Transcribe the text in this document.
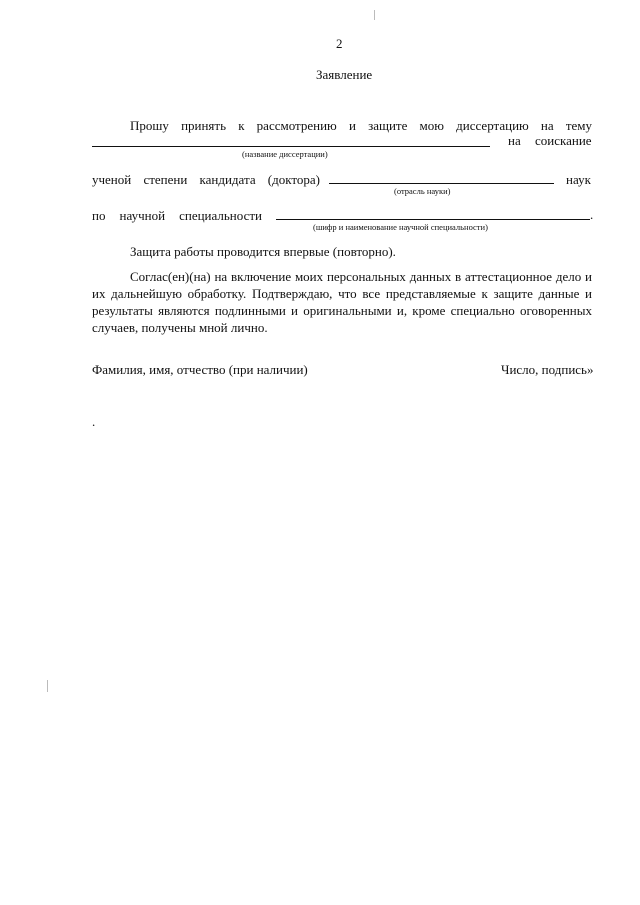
2
Заявление
Прошу принять к рассмотрению и защите мою диссертацию на тему
на соискание
(название диссертации)
ученой степени кандидата (доктора)	наук
(отрасль науки)
по научной специальности	.
(шифр и наименование научной специальности)
Защита работы проводится впервые (повторно).
Соглас(ен)(на) на включение моих персональных данных в аттестационное дело и их дальнейшую обработку. Подтверждаю, что все представляемые к защите данные и результаты являются подлинными и оригинальными и, кроме специально оговоренных случаев, получены мной лично.
Фамилия, имя, отчество (при наличии)	Число, подпись»
.
